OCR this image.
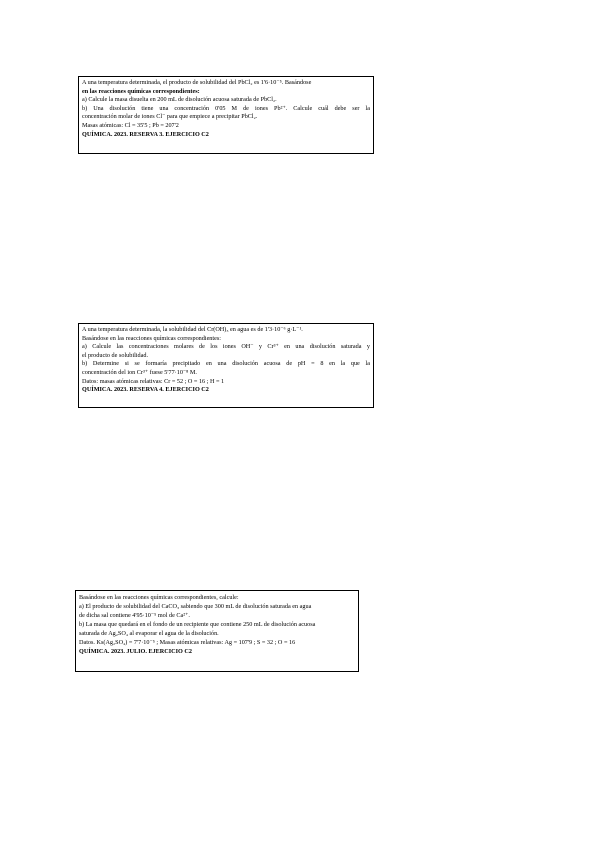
A una temperatura determinada, el producto de solubilidad del PbCl₂ es 1'6·10⁻⁵. Basándose

en las reacciones químicas correspondientes:

a) Calcule la masa disuelta en 200 mL de disolución acuosa saturada de PbCl₂.

b) Una disolución tiene una concentración 0'05 M de iones Pb²⁺. Calcule cuál debe ser la

concentración molar de iones Cl⁻ para que empiece a precipitar PbCl₂.

Masas atómicas: Cl = 35'5 ; Pb = 207'2

QUÍMICA. 2023. RESERVA 3. EJERCICIO C2

A una temperatura determinada, la solubilidad del Cr(OH)₃ en agua es de 1'3·10⁻⁶ g·L⁻¹.

Basándose en las reacciones químicas correspondientes:

a) Calcule las concentraciones molares de los iones OH⁻ y Cr³⁺ en una disolución saturada y

el producto de solubilidad.

b) Determine si se formaría precipitado en una disolución acuosa de pH = 8 en la que la

concentración del ion Cr³⁺ fuese 5'77·10⁻⁸ M.

Datos: masas atómicas relativas: Cr = 52 ; O = 16 ; H = 1

QUÍMICA. 2023. RESERVA 4. EJERCICIO C2

Basándose en las reacciones químicas correspondientes, calcule:

a) El producto de solubilidad del CaCO₃ sabiendo que 300 mL de disolución saturada en agua

de dicha sal contiene 4'95·10⁻⁵ mol de Ca²⁺.

b) La masa que quedará en el fondo de un recipiente que contiene 250 mL de disolución acuosa

saturada de Ag₂SO₄ al evaporar el agua de la disolución.

Datos. Ks(Ag₂SO₄) = 7'7·10⁻⁵ ; Masas atómicas relativas: Ag = 107'9 ; S = 32 ; O = 16

QUÍMICA. 2023. JULIO. EJERCICIO C2
